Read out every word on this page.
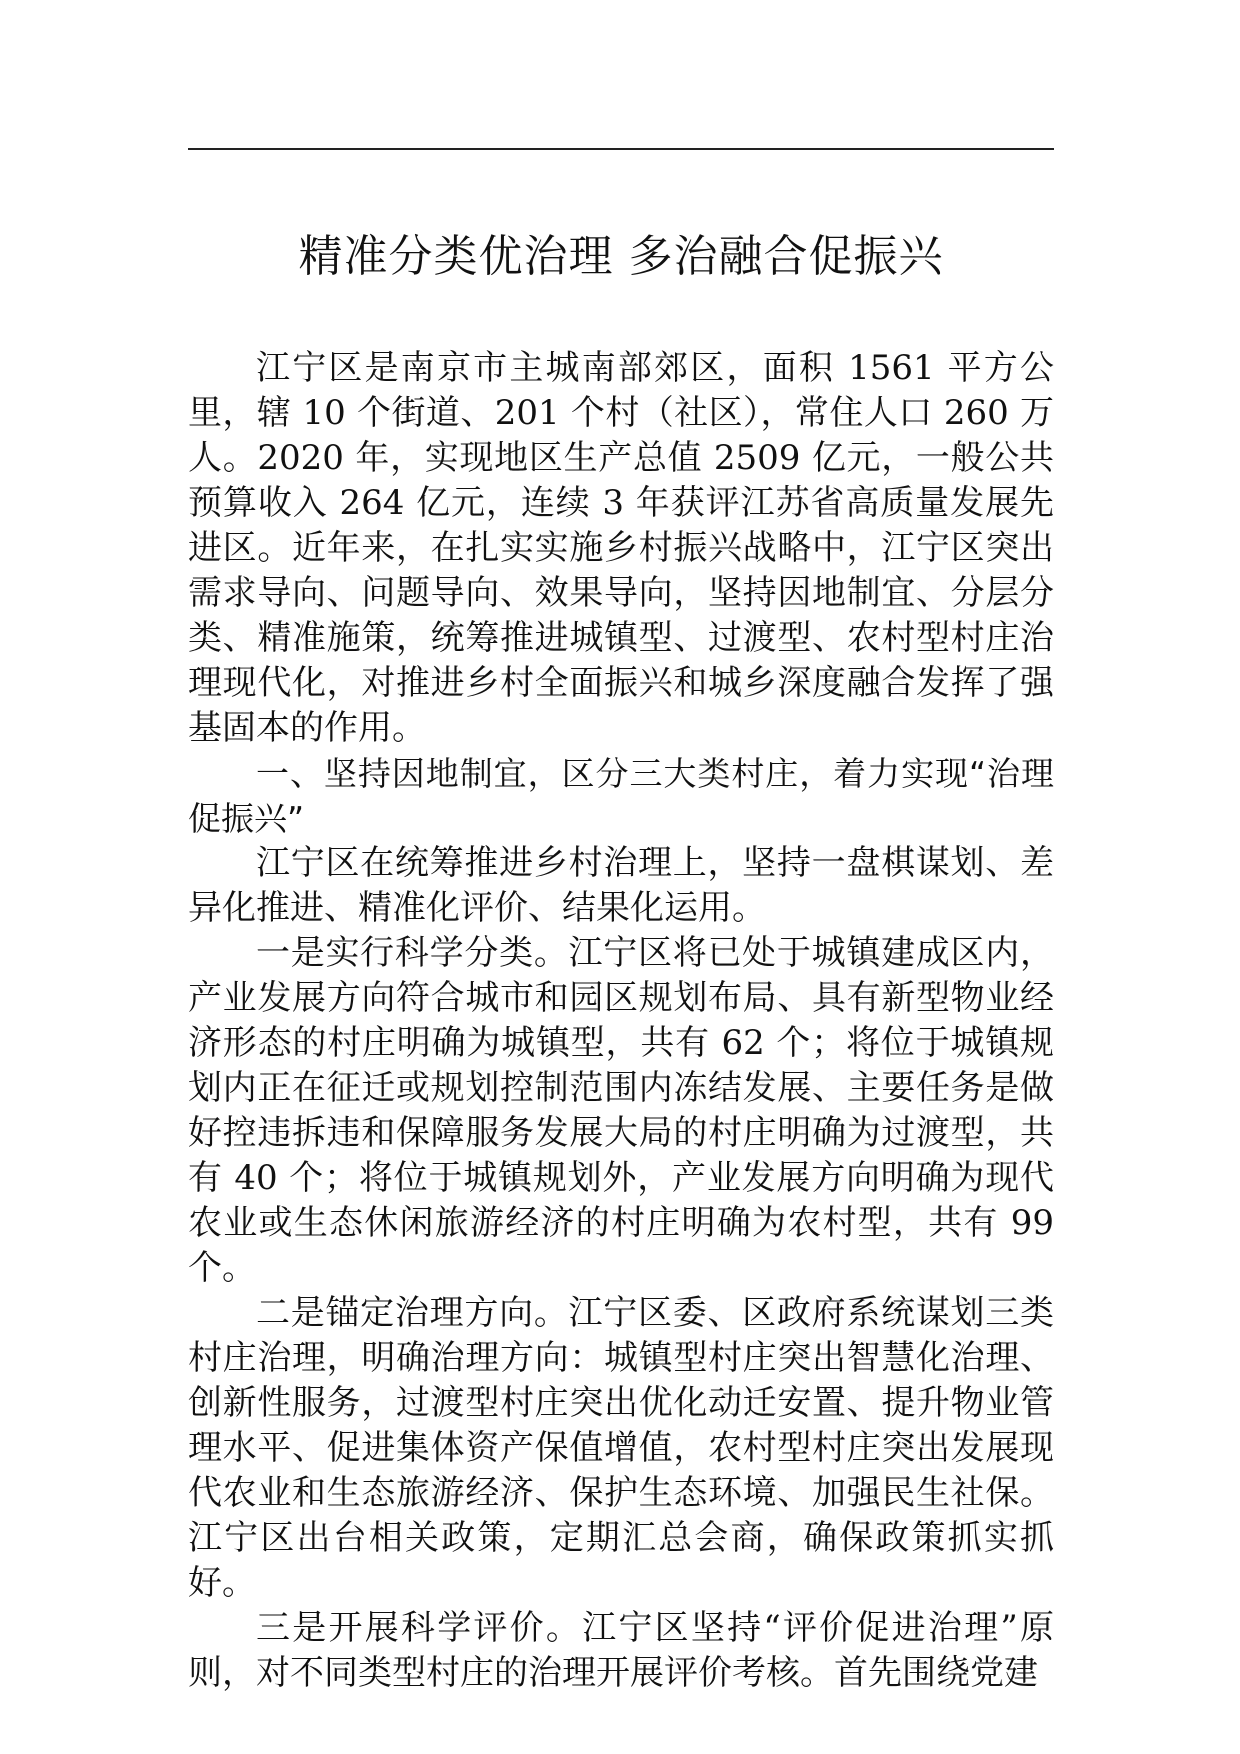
精准分类优治理 多治融合促振兴

江宁区是南京市主城南部郊区，面积 1561 平方公里，辖 10 个街道、201 个村（社区），常住人口 260 万人。2020 年，实现地区生产总值 2509 亿元，一般公共预算收入 264 亿元，连续 3 年获评江苏省高质量发展先进区。近年来，在扎实实施乡村振兴战略中，江宁区突出需求导向、问题导向、效果导向，坚持因地制宜、分层分类、精准施策，统筹推进城镇型、过渡型、农村型村庄治理现代化，对推进乡村全面振兴和城乡深度融合发挥了强基固本的作用。

一、坚持因地制宜，区分三大类村庄，着力实现“治理促振兴”

江宁区在统筹推进乡村治理上，坚持一盘棋谋划、差异化推进、精准化评价、结果化运用。

一是实行科学分类。江宁区将已处于城镇建成区内，产业发展方向符合城市和园区规划布局、具有新型物业经济形态的村庄明确为城镇型，共有 62 个；将位于城镇规划内正在征迁或规划控制范围内冻结发展、主要任务是做好控违拆违和保障服务发展大局的村庄明确为过渡型，共有 40 个；将位于城镇规划外，产业发展方向明确为现代农业或生态休闲旅游经济的村庄明确为农村型，共有 99 个。

二是锚定治理方向。江宁区委、区政府系统谋划三类村庄治理，明确治理方向：城镇型村庄突出智慧化治理、创新性服务，过渡型村庄突出优化动迁安置、提升物业管理水平、促进集体资产保值增值，农村型村庄突出发展现代农业和生态旅游经济、保护生态环境、加强民生社保。江宁区出台相关政策，定期汇总会商，确保政策抓实抓好。

三是开展科学评价。江宁区坚持“评价促进治理”原则，对不同类型村庄的治理开展评价考核。首先围绕党建
